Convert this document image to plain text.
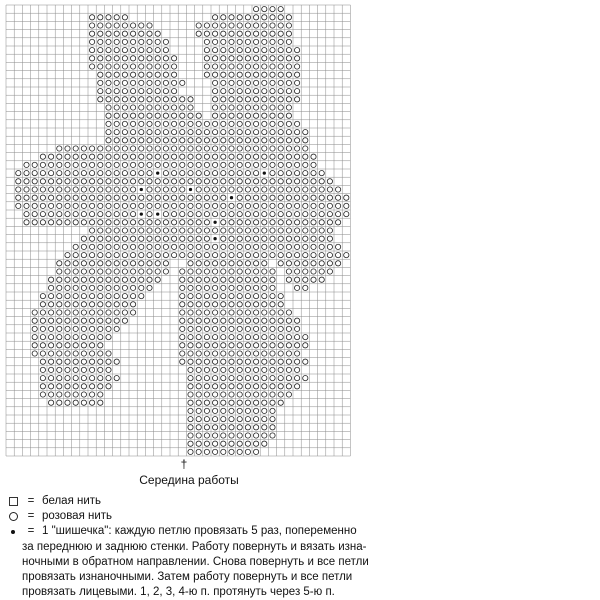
†
Середина работы
= белая нить
= розовая нить
= 1 "шишечка": каждую петлю провязать 5 раз, попеременно
за переднюю и заднюю стенки. Работу повернуть и вязать изна-
ночными в обратном направлении. Снова повернуть и все петли
провязать изнаночными. Затем работу повернуть и все петли
провязать лицевыми. 1, 2, 3, 4-ю п. протянуть через 5-ю п.
